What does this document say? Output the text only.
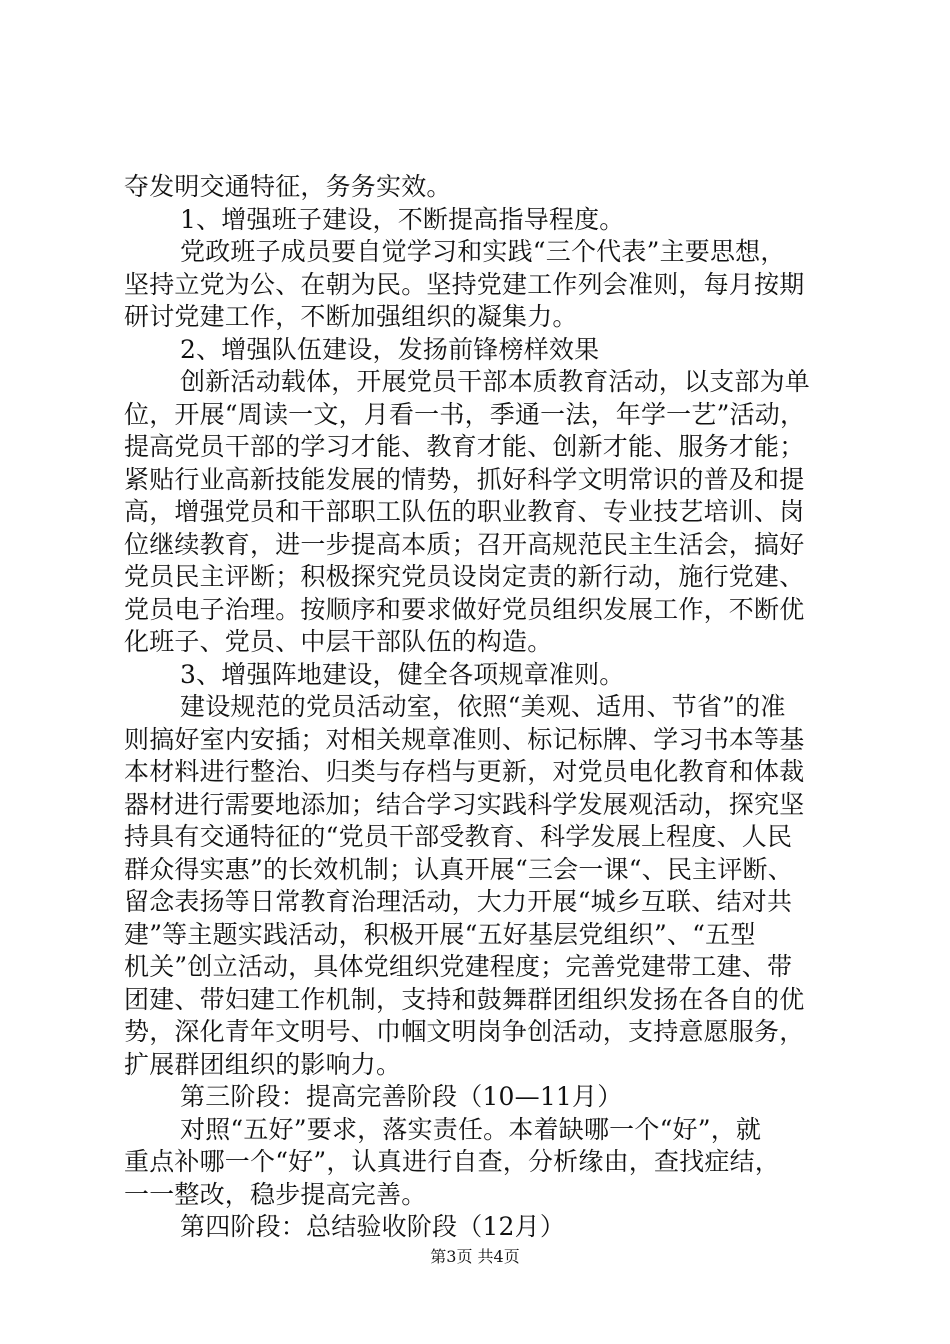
夺发明交通特征，务务实效。
1、增强班子建设，不断提高指导程度。
党政班子成员要自觉学习和实践“三个代表”主要思想，
坚持立党为公、在朝为民。坚持党建工作列会准则，每月按期
研讨党建工作，不断加强组织的凝集力。
2、增强队伍建设，发扬前锋榜样效果
创新活动载体，开展党员干部本质教育活动，以支部为单
位，开展“周读一文，月看一书，季通一法，年学一艺”活动，
提高党员干部的学习才能、教育才能、创新才能、服务才能；
紧贴行业高新技能发展的情势，抓好科学文明常识的普及和提
高，增强党员和干部职工队伍的职业教育、专业技艺培训、岗
位继续教育，进一步提高本质；召开高规范民主生活会，搞好
党员民主评断；积极探究党员设岗定责的新行动，施行党建、
党员电子治理。按顺序和要求做好党员组织发展工作，不断优
化班子、党员、中层干部队伍的构造。
3、增强阵地建设，健全各项规章准则。
建设规范的党员活动室，依照“美观、适用、节省”的准
则搞好室内安插；对相关规章准则、标记标牌、学习书本等基
本材料进行整治、归类与存档与更新，对党员电化教育和体裁
器材进行需要地添加；结合学习实践科学发展观活动，探究坚
持具有交通特征的“党员干部受教育、科学发展上程度、人民
群众得实惠”的长效机制；认真开展“三会一课“、民主评断、
留念表扬等日常教育治理活动，大力开展“城乡互联、结对共
建”等主题实践活动，积极开展“五好基层党组织”、“五型
机关”创立活动，具体党组织党建程度；完善党建带工建、带
团建、带妇建工作机制，支持和鼓舞群团组织发扬在各自的优
势，深化青年文明号、巾帼文明岗争创活动，支持意愿服务，
扩展群团组织的影响力。
第三阶段：提高完善阶段（10—11月）
对照“五好”要求，落实责任。本着缺哪一个“好”，就
重点补哪一个“好”，认真进行自查，分析缘由，查找症结，
一一整改，稳步提高完善。
第四阶段：总结验收阶段（12月）
第3页 共4页
